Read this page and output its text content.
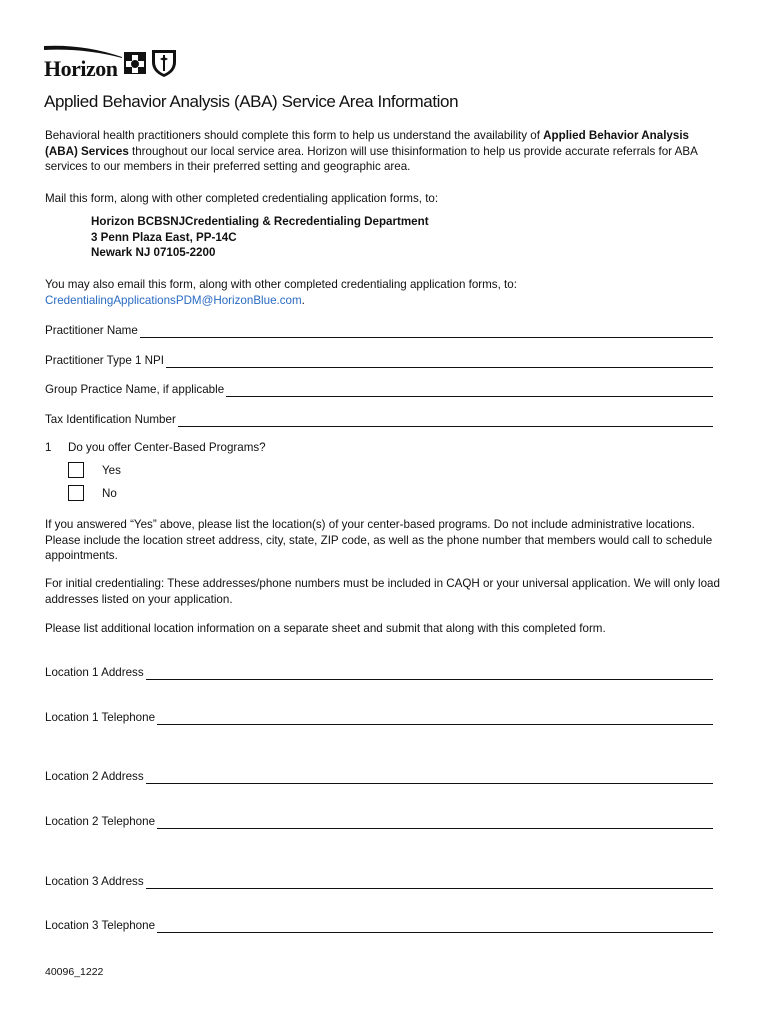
Horizon
Applied Behavior Analysis (ABA) Service Area Information

Behavioral health practitioners should complete this form to help us understand the availability of Applied Behavior Analysis (ABA) Services throughout our local service area. Horizon will use thisinformation to help us provide accurate referrals for ABA services to our members in their preferred setting and geographic area.

Mail this form, along with other completed credentialing application forms, to:

Horizon BCBSNJCredentialing & Recredentialing Department
3 Penn Plaza East, PP-14C
Newark NJ 07105-2200

You may also email this form, along with other completed credentialing application forms, to:
CredentialingApplicationsPDM@HorizonBlue.com.

Practitioner Name
Practitioner Type 1 NPI
Group Practice Name, if applicable
Tax Identification Number
1	Do you offer Center-Based Programs?
Yes
No

If you answered “Yes” above, please list the location(s) of your center-based programs. Do not include administrative locations. Please include the location street address, city, state, ZIP code, as well as the phone number that members would call to schedule appointments.

For initial credentialing: These addresses/phone numbers must be included in CAQH or your universal application. We will only load addresses listed on your application.

Please list additional location information on a separate sheet and submit that along with this completed form.

Location 1 Address
Location 1 Telephone
Location 2 Address
Location 2 Telephone
Location 3 Address
Location 3 Telephone
40096_1222
